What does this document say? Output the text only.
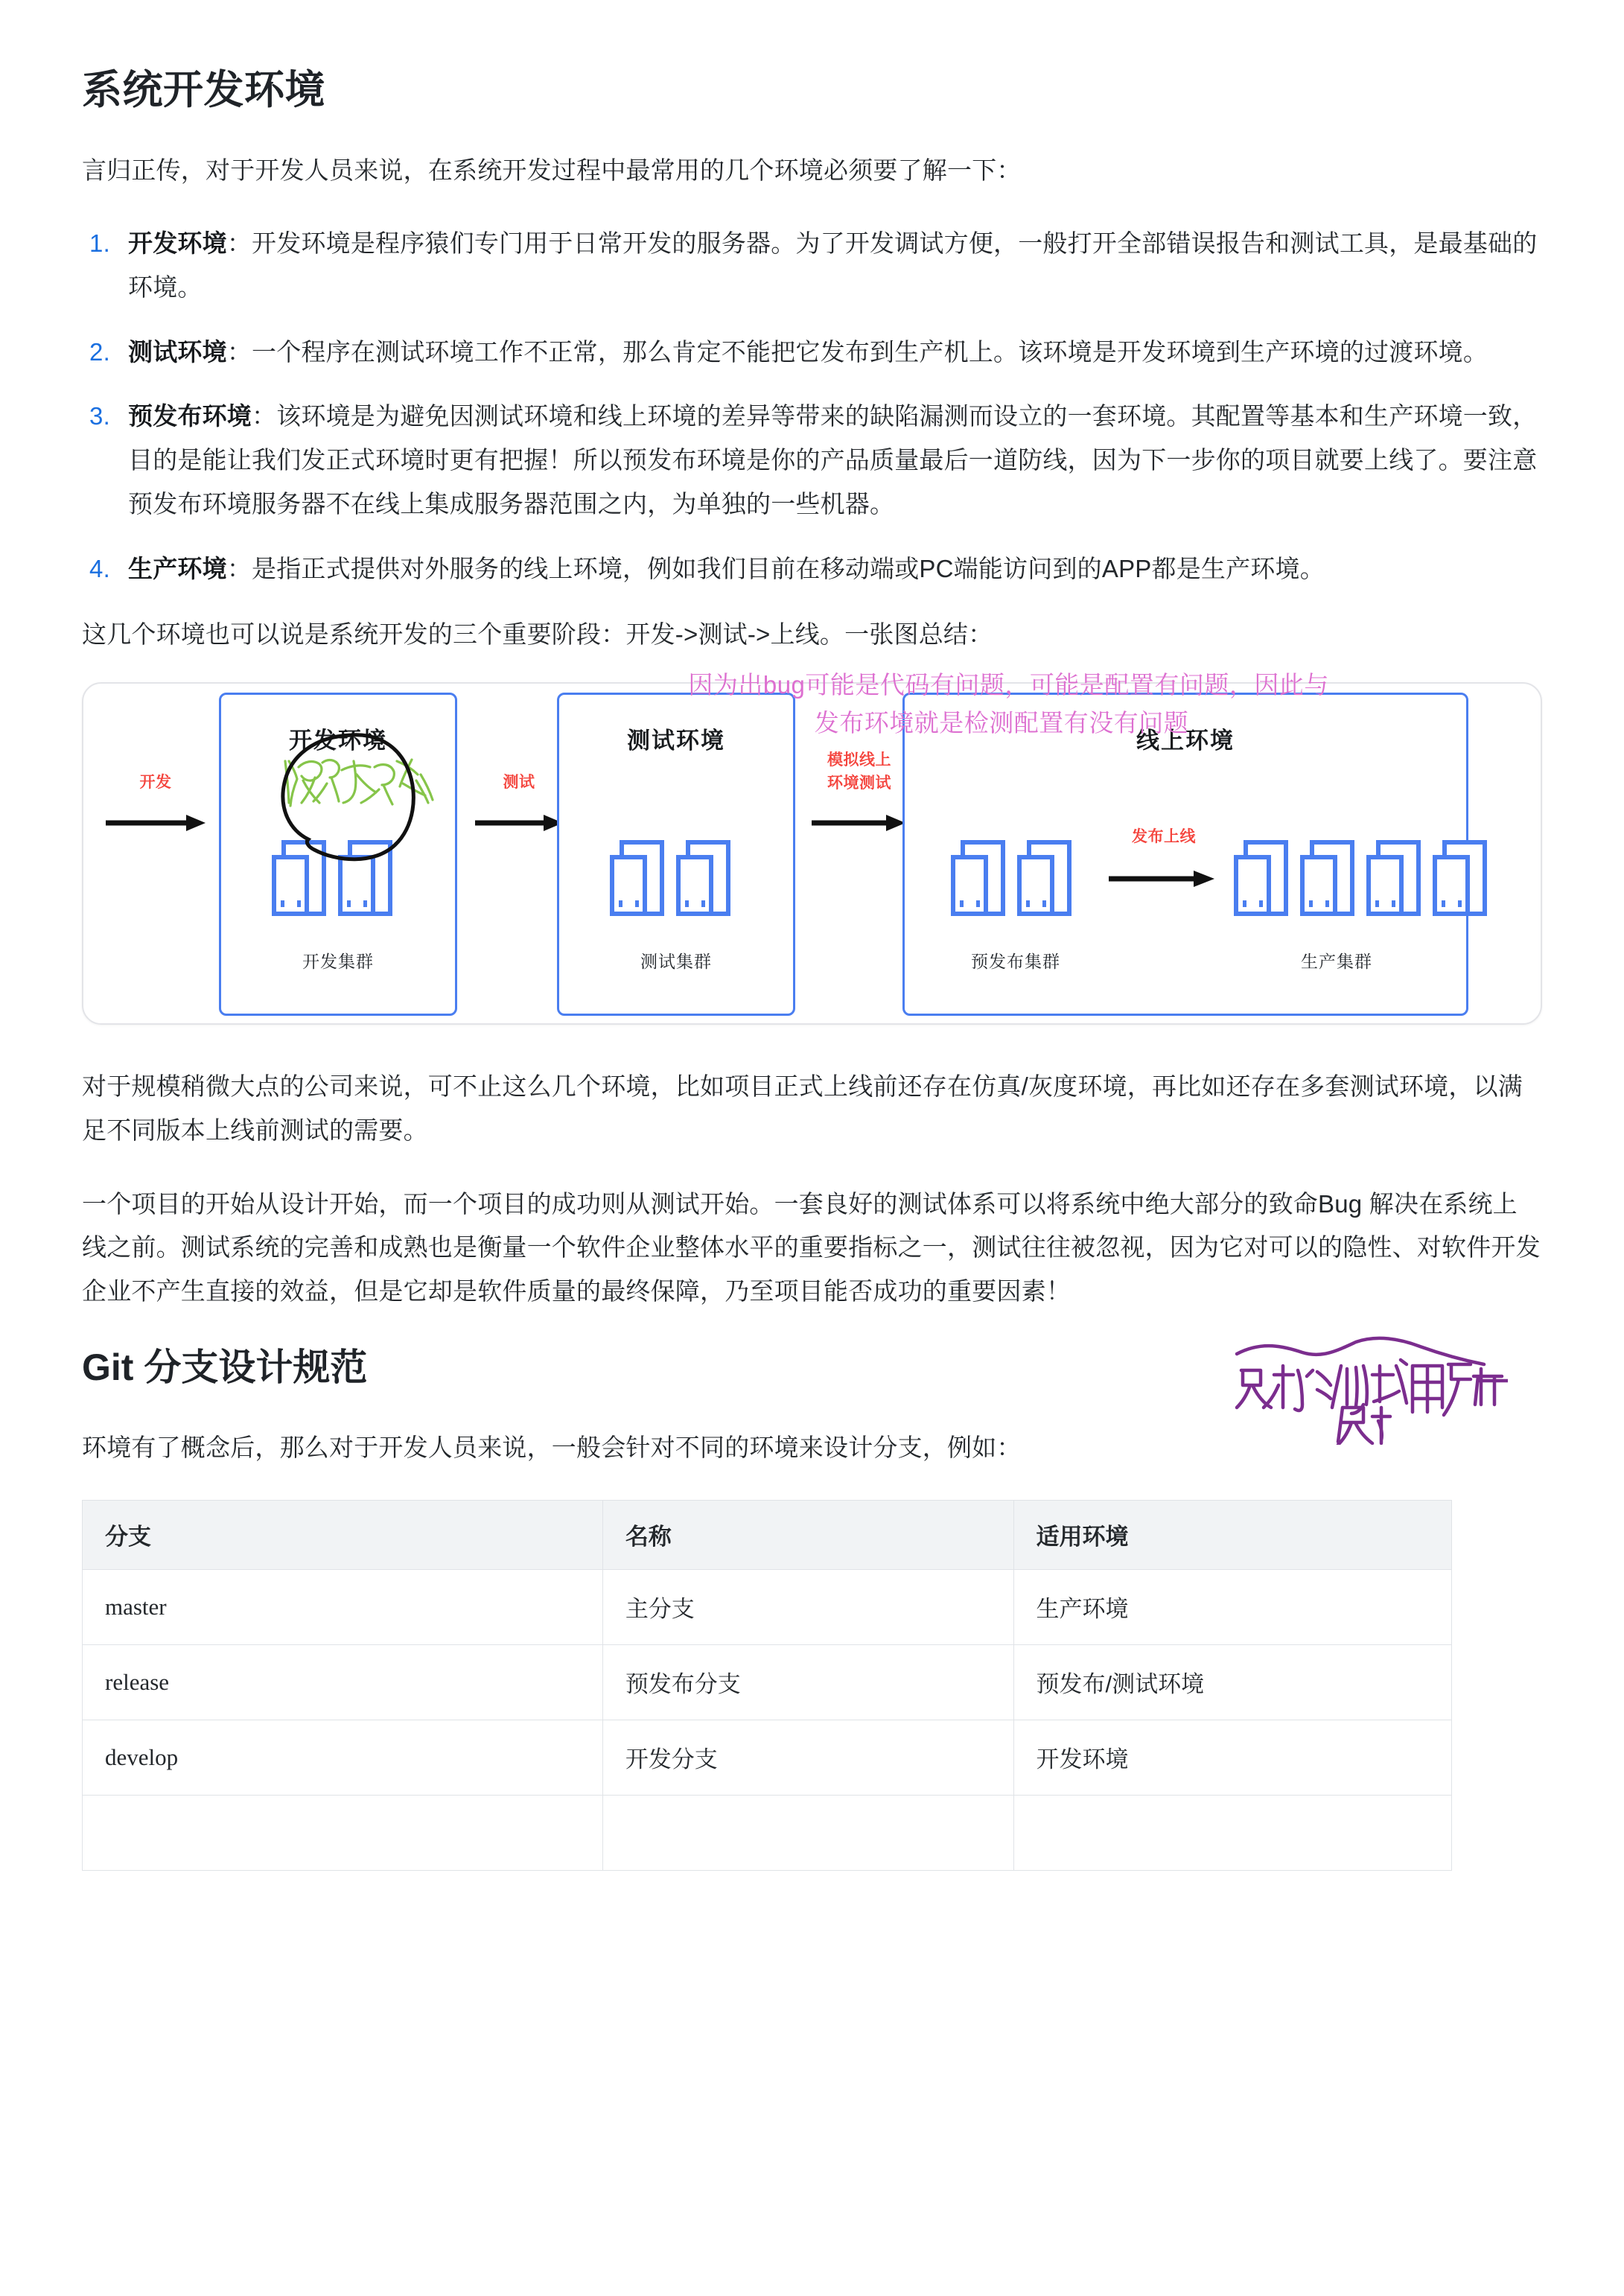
系统开发环境

言归正传，对于开发人员来说，在系统开发过程中最常用的几个环境必须要了解一下：

开发环境：开发环境是程序猿们专门用于日常开发的服务器。为了开发调试方便，一般打开全部错误报告和测试工具，是最基础的环境。
测试环境：一个程序在测试环境工作不正常，那么肯定不能把它发布到生产机上。该环境是开发环境到生产环境的过渡环境。
预发布环境：该环境是为避免因测试环境和线上环境的差异等带来的缺陷漏测而设立的一套环境。其配置等基本和生产环境一致，目的是能让我们发正式环境时更有把握！所以预发布环境是你的产品质量最后一道防线，因为下一步你的项目就要上线了。要注意预发布环境服务器不在线上集成服务器范围之内，为单独的一些机器。
生产环境：是指正式提供对外服务的线上环境，例如我们目前在移动端或PC端能访问到的APP都是生产环境。

这几个环境也可以说是系统开发的三个重要阶段：开发->测试->上线。一张图总结：

开发
开发环境
开发集群
测试
测试环境
测试集群
模拟线上
环境测试
线上环境
预发布集群
发布上线
生产集群

对于规模稍微大点的公司来说，可不止这么几个环境，比如项目正式上线前还存在仿真/灰度环境，再比如还存在多套测试环境，以满足不同版本上线前测试的需要。

一个项目的开始从设计开始，而一个项目的成功则从测试开始。一套良好的测试体系可以将系统中绝大部分的致命Bug 解决在系统上线之前。测试系统的完善和成熟也是衡量一个软件企业整体水平的重要指标之一，测试往往被忽视，因为它对可以的隐性、对软件开发企业不产生直接的效益，但是它却是软件质量的最终保障，乃至项目能否成功的重要因素！

Git 分支设计规范

环境有了概念后，那么对于开发人员来说，一般会针对不同的环境来设计分支，例如：

分支	名称	适用环境
master	主分支	生产环境
release	预发布分支	预发布/测试环境
develop	开发分支	开发环境

因为出bug可能是代码有问题，可能是配置有问题，因此与
发布环境就是检测配置有没有问题
